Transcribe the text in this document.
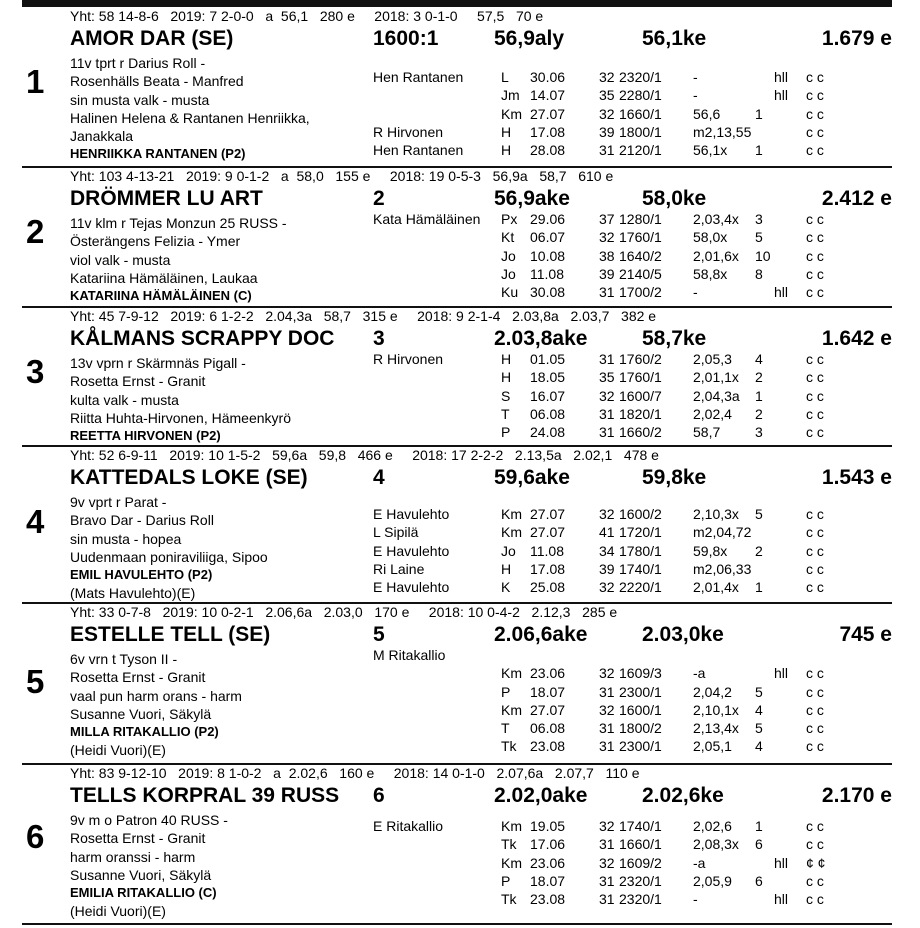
1
Yht: 58 14-8-6   2019: 7 2-0-0   a  56,1   280 e     2018: 3 0-1-0     57,5   70 e
AMOR DAR (SE)	1600:1	56,9aly	56,1ke	1.679 e
11v tprt r Darius Roll -
Rosenhälls Beata - Manfred
sin musta valk - musta
Halinen Helena & Rantanen Henriikka,
Janakkala
HENRIIKKA RANTANEN (P2)
Hen Rantanen	L 30.06 32 2320/1 -	hll c c
Jm 14.07 35 2280/1 -	hll c c
Km 27.07 32 1660/1 56,6 1	c c
R Hirvonen	H 17.08 39 1800/1 m2,13,55	c c
Hen Rantanen	H 28.08 31 2120/1 56,1x 1	c c
2
Yht: 103 4-13-21   2019: 9 0-1-2   a  58,0   155 e     2018: 19 0-5-3   56,9a   58,7   610 e
DRÖMMER LU ART	2	56,9ake	58,0ke	2.412 e
11v klm r Tejas Monzun 25 RUSS -
Österängens Felizia - Ymer
viol valk - musta
Katariina Hämäläinen, Laukaa
KATARIINA HÄMÄLÄINEN (C)
Kata Hämäläinen Px 29.06 37 1280/1 2,03,4x 3	c c
Kt 06.07 32 1760/1 58,0x 5	c c
Jo 10.08 38 1640/2 2,01,6x 10	c c
Jo 11.08	39 2140/5 58,8x 8	c c
Ku 30.08 31 1700/2 -	hll c c
3
Yht: 45 7-9-12   2019: 6 1-2-2   2.04,3a   58,7   315 e     2018: 9 2-1-4   2.03,8a   2.03,7   382 e
KÅLMANS SCRAPPY DOC	3	2.03,8ake	58,7ke	1.642 e
13v vprn r Skärmnäs Pigall -
Rosetta Ernst - Granit
kulta valk - musta
Riitta Huhta-Hirvonen, Hämeenkyrö
REETTA HIRVONEN (P2)
R Hirvonen	H 01.05 31 1760/2 2,05,3 4	c c
H 18.05 35 1760/1 2,01,1x 2	c c
S 16.07 32 1600/7 2,04,3a 1	c c
T 06.08 31 1820/1 2,02,4 2	c c
P 24.08 31 1660/2 58,7 3	c c
4
Yht: 52 6-9-11   2019: 10 1-5-2   59,6a   59,8   466 e     2018: 17 2-2-2   2.13,5a   2.02,1   478 e
KATTEDALS LOKE (SE)	4	59,6ake	59,8ke	1.543 e
9v vprt r Parat -
Bravo Dar - Darius Roll
sin musta - hopea
Uudenmaan poniraviliiga, Sipoo
EMIL HAVULEHTO (P2)
(Mats Havulehto)(E)
E Havulehto	Km 27.07 32 1600/2 2,10,3x 5	c c
L Sipilä	Km 27.07 41 1720/1 m2,04,72	c c
E Havulehto	Jo 11.08	34 1780/1 59,8x 2	c c
Ri Laine	H 17.08 39 1740/1 m2,06,33	c c
E Havulehto	K 25.08 32 2220/1 2,01,4x 1	c c
5
Yht: 33 0-7-8   2019: 10 0-2-1   2.06,6a   2.03,0   170 e     2018: 10 0-4-2   2.12,3   285 e
ESTELLE TELL (SE)	5	2.06,6ake	2.03,0ke	745 e
6v vrn t Tyson II -
Rosetta Ernst - Granit
vaal pun harm orans - harm
Susanne Vuori, Säkylä
MILLA RITAKALLIO (P2)
(Heidi Vuori)(E)
M Ritakallio
Km 23.06 32 1609/3 -a	hll c c
P 18.07 31 2300/1 2,04,2 5	c c
Km 27.07 32 1600/1 2,10,1x 4	c c
T 06.08 31 1800/2 2,13,4x 5	c c
Tk 23.08 31 2300/1 2,05,1 4	c c
6
Yht: 83 9-12-10   2019: 8 1-0-2   a  2.02,6   160 e     2018: 14 0-1-0   2.07,6a   2.07,7   110 e
TELLS KORPRAL 39 RUSS	6	2.02,0ake	2.02,6ke	2.170 e
9v m o Patron 40 RUSS -
Rosetta Ernst - Granit
harm oranssi - harm
Susanne Vuori, Säkylä
EMILIA RITAKALLIO (C)
(Heidi Vuori)(E)
E Ritakallio	Km 19.05 32 1740/1 2,02,6 1	c c
Tk 17.06 31 1660/1 2,08,3x 6	c c
Km 23.06 32 1609/2 -a	hll ¢ ¢
P 18.07 31 2320/1 2,05,9 6	c c
Tk 23.08 31 2320/1 -	hll c c
